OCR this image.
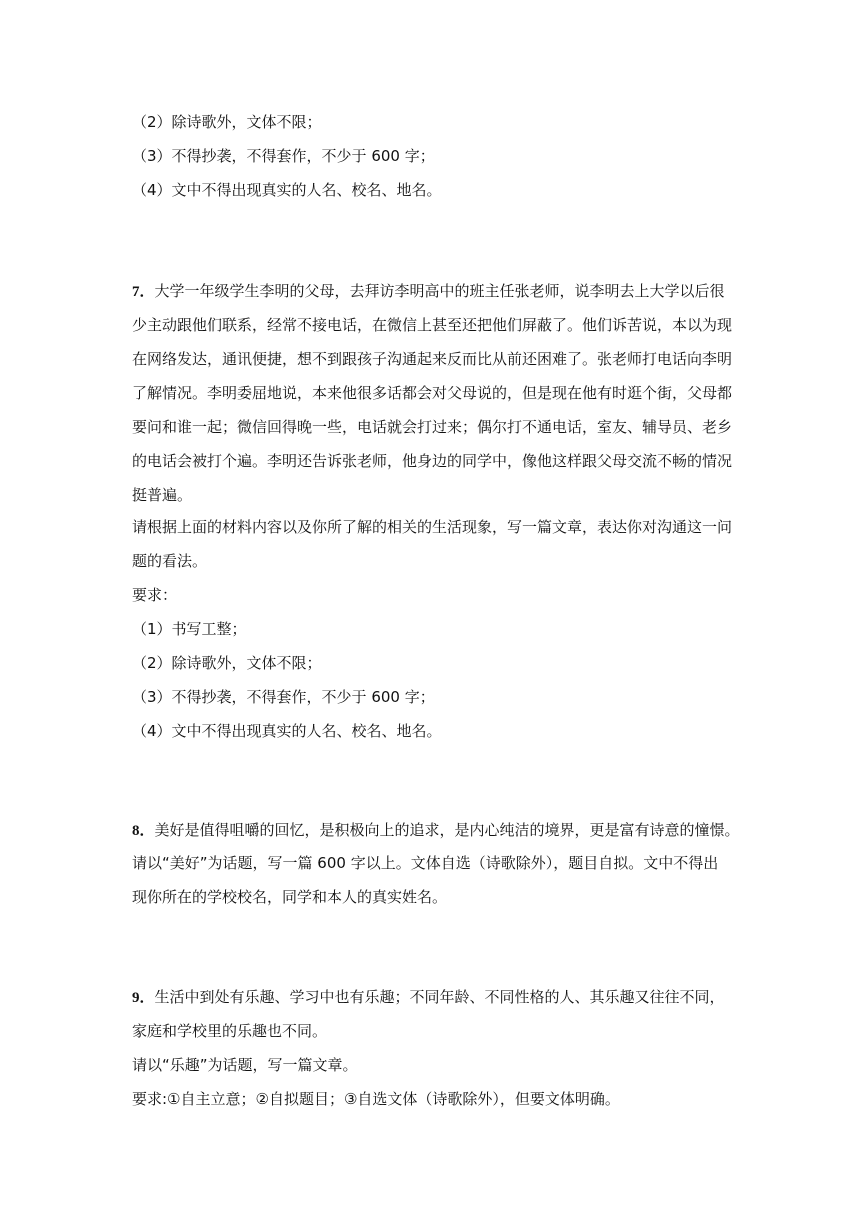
（2）除诗歌外，文体不限；
（3）不得抄袭，不得套作，不少于 600 字；
（4）文中不得出现真实的人名、校名、地名。
7．大学一年级学生李明的父母，去拜访李明高中的班主任张老师，说李明去上大学以后很
少主动跟他们联系，经常不接电话，在微信上甚至还把他们屏蔽了。他们诉苦说，本以为现
在网络发达，通讯便捷，想不到跟孩子沟通起来反而比从前还困难了。张老师打电话向李明
了解情况。李明委屈地说，本来他很多话都会对父母说的，但是现在他有时逛个街，父母都
要问和谁一起；微信回得晚一些，电话就会打过来；偶尔打不通电话，室友、辅导员、老乡
的电话会被打个遍。李明还告诉张老师，他身边的同学中，像他这样跟父母交流不畅的情况
挺普遍。
请根据上面的材料内容以及你所了解的相关的生活现象，写一篇文章，表达你对沟通这一问
题的看法。
要求：
（1）书写工整；
（2）除诗歌外，文体不限；
（3）不得抄袭，不得套作，不少于 600 字；
（4）文中不得出现真实的人名、校名、地名。
8．美好是值得咀嚼的回忆，是积极向上的追求，是内心纯洁的境界，更是富有诗意的憧憬。
请以“美好”为话题，写一篇 600 字以上。文体自选（诗歌除外），题目自拟。文中不得出
现你所在的学校校名，同学和本人的真实姓名。
9．生活中到处有乐趣、学习中也有乐趣；不同年龄、不同性格的人、其乐趣又往往不同，
家庭和学校里的乐趣也不同。
请以“乐趣”为话题，写一篇文章。
要求:①自主立意；②自拟题目；③自选文体（诗歌除外），但要文体明确。
